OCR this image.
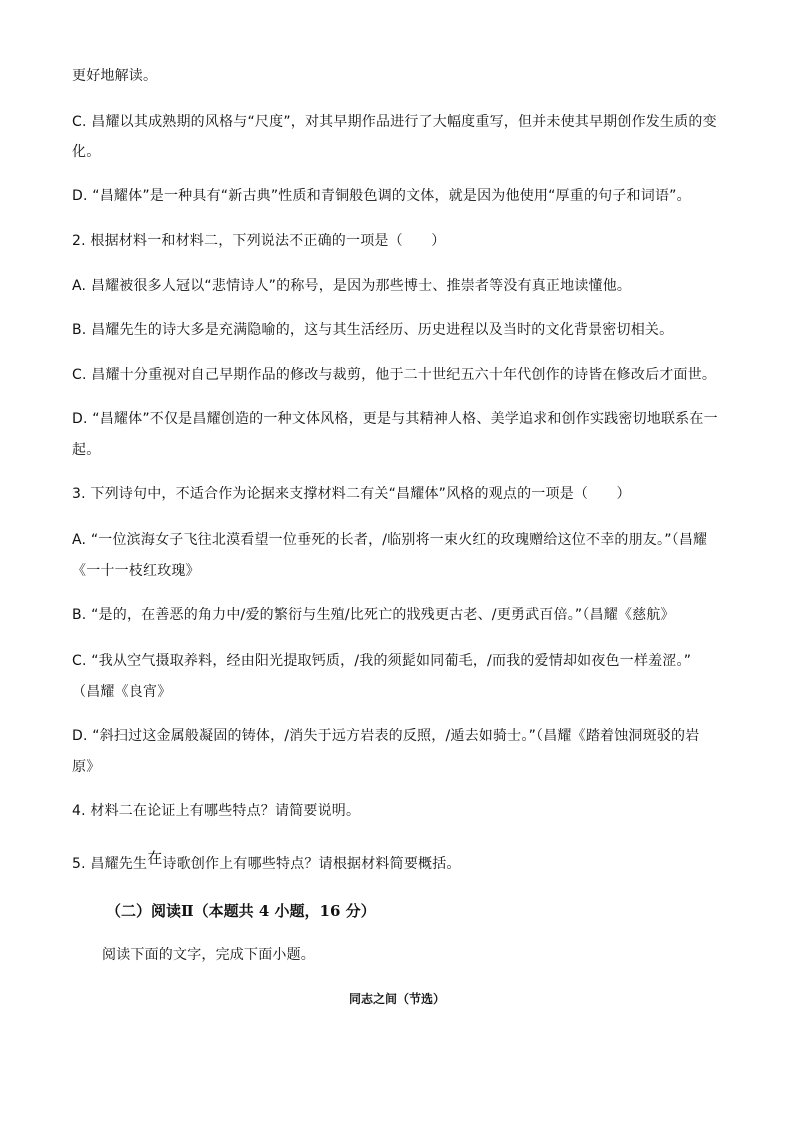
更好地解读。
C. 昌耀以其成熟期的风格与“尺度”，对其早期作品进行了大幅度重写，但并未使其早期创作发生质的变
化。
D. “昌耀体”是一种具有“新古典”性质和青铜般色调的文体，就是因为他使用“厚重的句子和词语”。
2. 根据材料一和材料二，下列说法不正确的一项是（　　）
A. 昌耀被很多人冠以“悲情诗人”的称号，是因为那些博士、推崇者等没有真正地读懂他。
B. 昌耀先生的诗大多是充满隐喻的，这与其生活经历、历史进程以及当时的文化背景密切相关。
C. 昌耀十分重视对自己早期作品的修改与裁剪，他于二十世纪五六十年代创作的诗皆在修改后才面世。
D. “昌耀体”不仅是昌耀创造的一种文体风格，更是与其精神人格、美学追求和创作实践密切地联系在一
起。
3. 下列诗句中，不适合作为论据来支撑材料二有关“昌耀体”风格的观点的一项是（　　）
A. “一位滨海女子飞往北漠看望一位垂死的长者，/临别将一束火红的玫瑰赠给这位不幸的朋友。”（昌耀
《一十一枝红玫瑰》
B. “是的，在善恶的角力中/爱的繁衍与生殖/比死亡的戕残更古老、/更勇武百倍。”（昌耀《慈航》
C. “我从空气摄取养料，经由阳光提取钙质，/我的须髭如同葡毛，/而我的爱情却如夜色一样羞涩。”
（昌耀《良宵》
D. “斜扫过这金属般凝固的铸体，/消失于远方岩表的反照，/遁去如骑士。”（昌耀《踏着蚀洞斑驳的岩
原》
4. 材料二在论证上有哪些特点？请简要说明。
5. 昌耀先生在诗歌创作上有哪些特点？请根据材料简要概括。
（二）阅读Ⅱ（本题共 4 小题，16 分）
阅读下面的文字，完成下面小题。
同志之间（节选）
